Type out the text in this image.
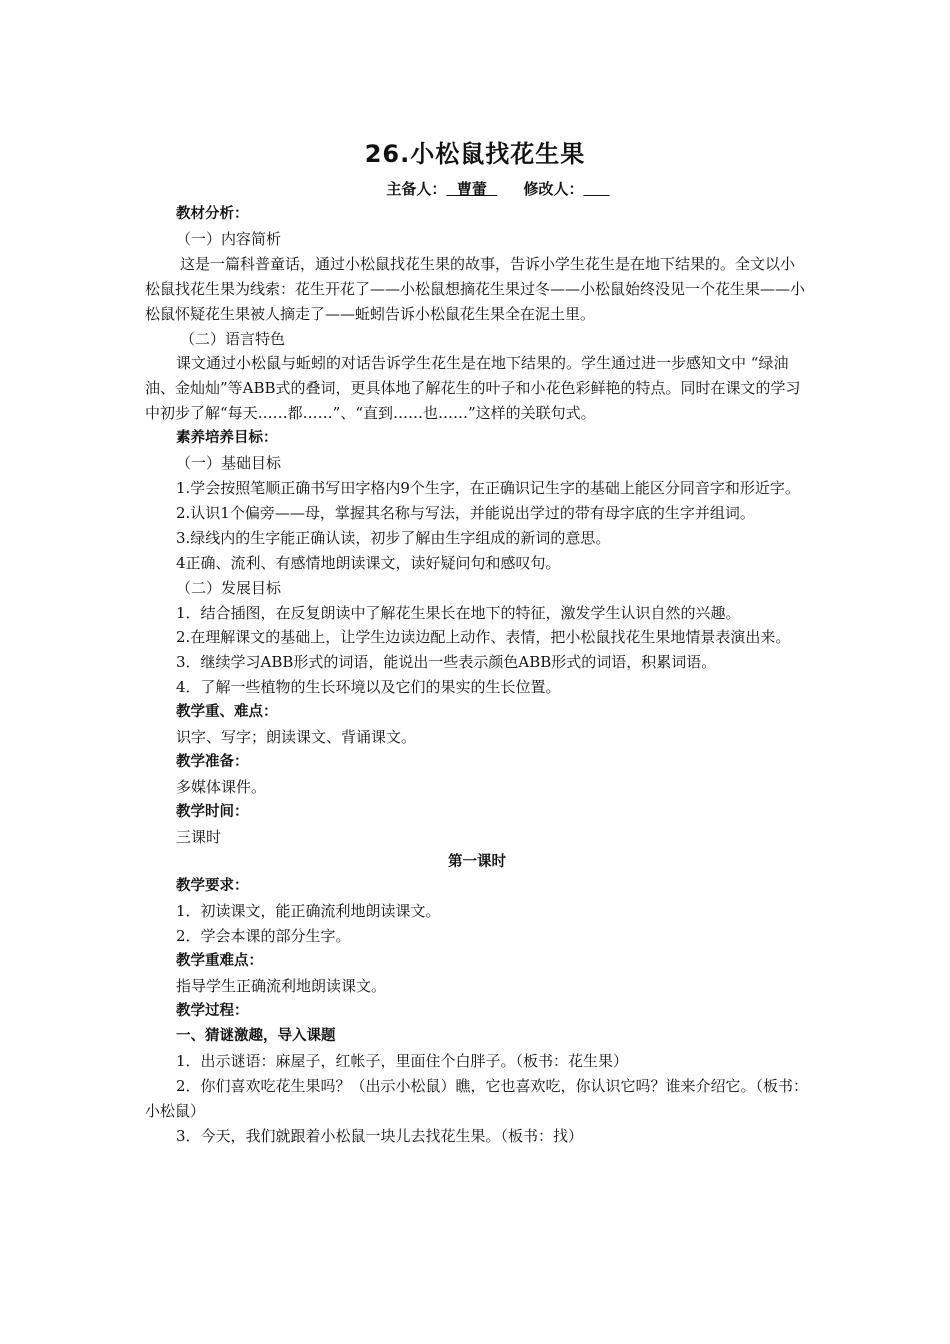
26.小松鼠找花生果
主备人：  曹蕾       修改人：

教材分析：

（一）内容简析

这是一篇科普童话，通过小松鼠找花生果的故事，告诉小学生花生是在地下结果的。全文以小松鼠找花生果为线索：花生开花了——小松鼠想摘花生果过冬——小松鼠始终没见一个花生果——小松鼠怀疑花生果被人摘走了——蚯蚓告诉小松鼠花生果全在泥土里。

（二）语言特色

课文通过小松鼠与蚯蚓的对话告诉学生花生是在地下结果的。学生通过进一步感知文中 “绿油油、金灿灿”等ABB式的叠词，更具体地了解花生的叶子和小花色彩鲜艳的特点。同时在课文的学习中初步了解“每天……都……”、“直到……也……”这样的关联句式。

素养培养目标：

（一）基础目标

1.学会按照笔顺正确书写田字格内9个生字，在正确识记生字的基础上能区分同音字和形近字。

2.认识1个偏旁——母，掌握其名称与写法，并能说出学过的带有母字底的生字并组词。

3.绿线内的生字能正确认读，初步了解由生字组成的新词的意思。

4正确、流利、有感情地朗读课文，读好疑问句和感叹句。

（二）发展目标

1．结合插图，在反复朗读中了解花生果长在地下的特征，激发学生认识自然的兴趣。

2.在理解课文的基础上，让学生边读边配上动作、表情，把小松鼠找花生果地情景表演出来。

3．继续学习ABB形式的词语，能说出一些表示颜色ABB形式的词语，积累词语。

4．了解一些植物的生长环境以及它们的果实的生长位置。

教学重、难点：

识字、写字；朗读课文、背诵课文。

教学准备：

多媒体课件。

教学时间：

三课时

第一课时

教学要求：

1．初读课文，能正确流利地朗读课文。

2．学会本课的部分生字。

教学重难点：

指导学生正确流利地朗读课文。

教学过程：

一、猜谜激趣，导入课题

1．出示谜语：麻屋子，红帐子，里面住个白胖子。（板书：花生果）

2．你们喜欢吃花生果吗？（出示小松鼠）瞧，它也喜欢吃，你认识它吗？谁来介绍它。（板书：小松鼠）

3．今天，我们就跟着小松鼠一块儿去找花生果。（板书：找）
